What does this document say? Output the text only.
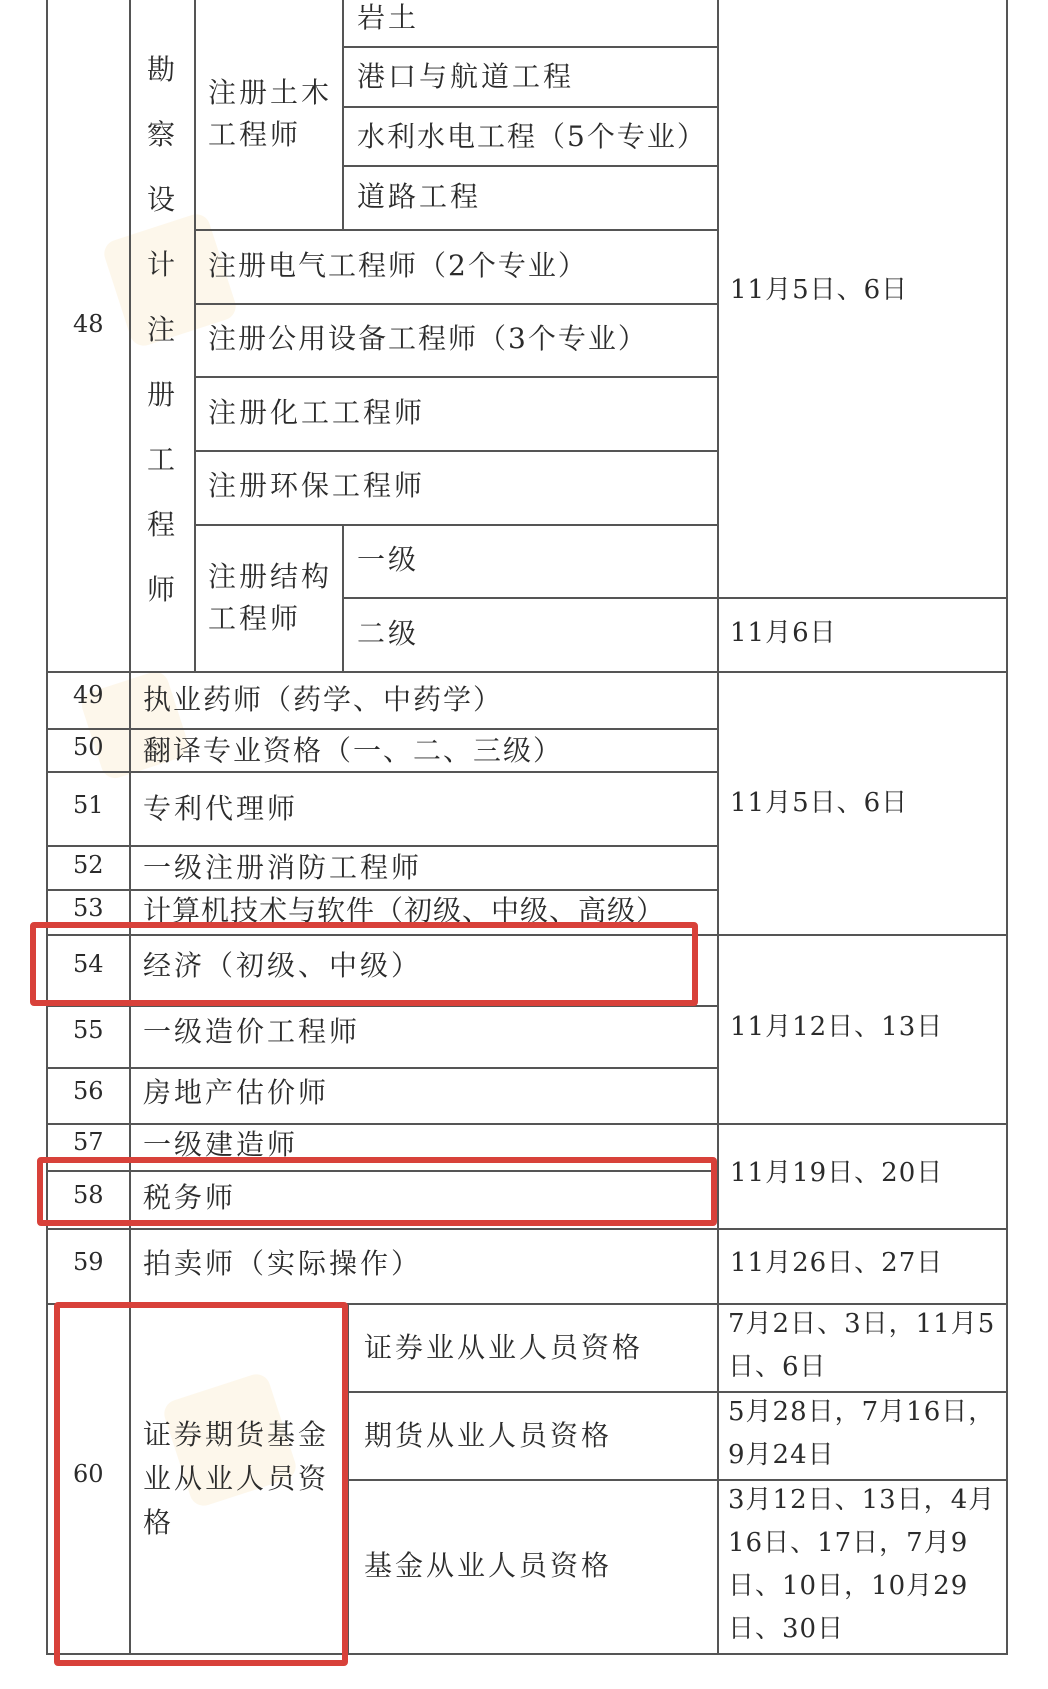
48
勘察设计注册工程师
注册土木工程师
岩土
港口与航道工程
水利水电工程（5个专业）
道路工程
注册电气工程师（2个专业）
注册公用设备工程师（3个专业）
注册化工工程师
注册环保工程师
注册结构工程师
一级
二级
11月5日、6日
11月6日
49 执业药师（药学、中药学）
50 翻译专业资格（一、二、三级）
51 专利代理师
52 一级注册消防工程师
53 计算机技术与软件（初级、中级、高级）
11月5日、6日
54 经济（初级、中级）
55 一级造价工程师
56 房地产估价师
11月12日、13日
57 一级建造师
58 税务师
11月19日、20日
59 拍卖师（实际操作）	11月26日、27日
60
证券期货基金业从业人员资格
证券业从业人员资格
期货从业人员资格
基金从业人员资格
7月2日、3日，11月5日、6日
5月28日，7月16日，9月24日
3月12日、13日，4月16日、17日，7月9日、10日，10月29日、30日
